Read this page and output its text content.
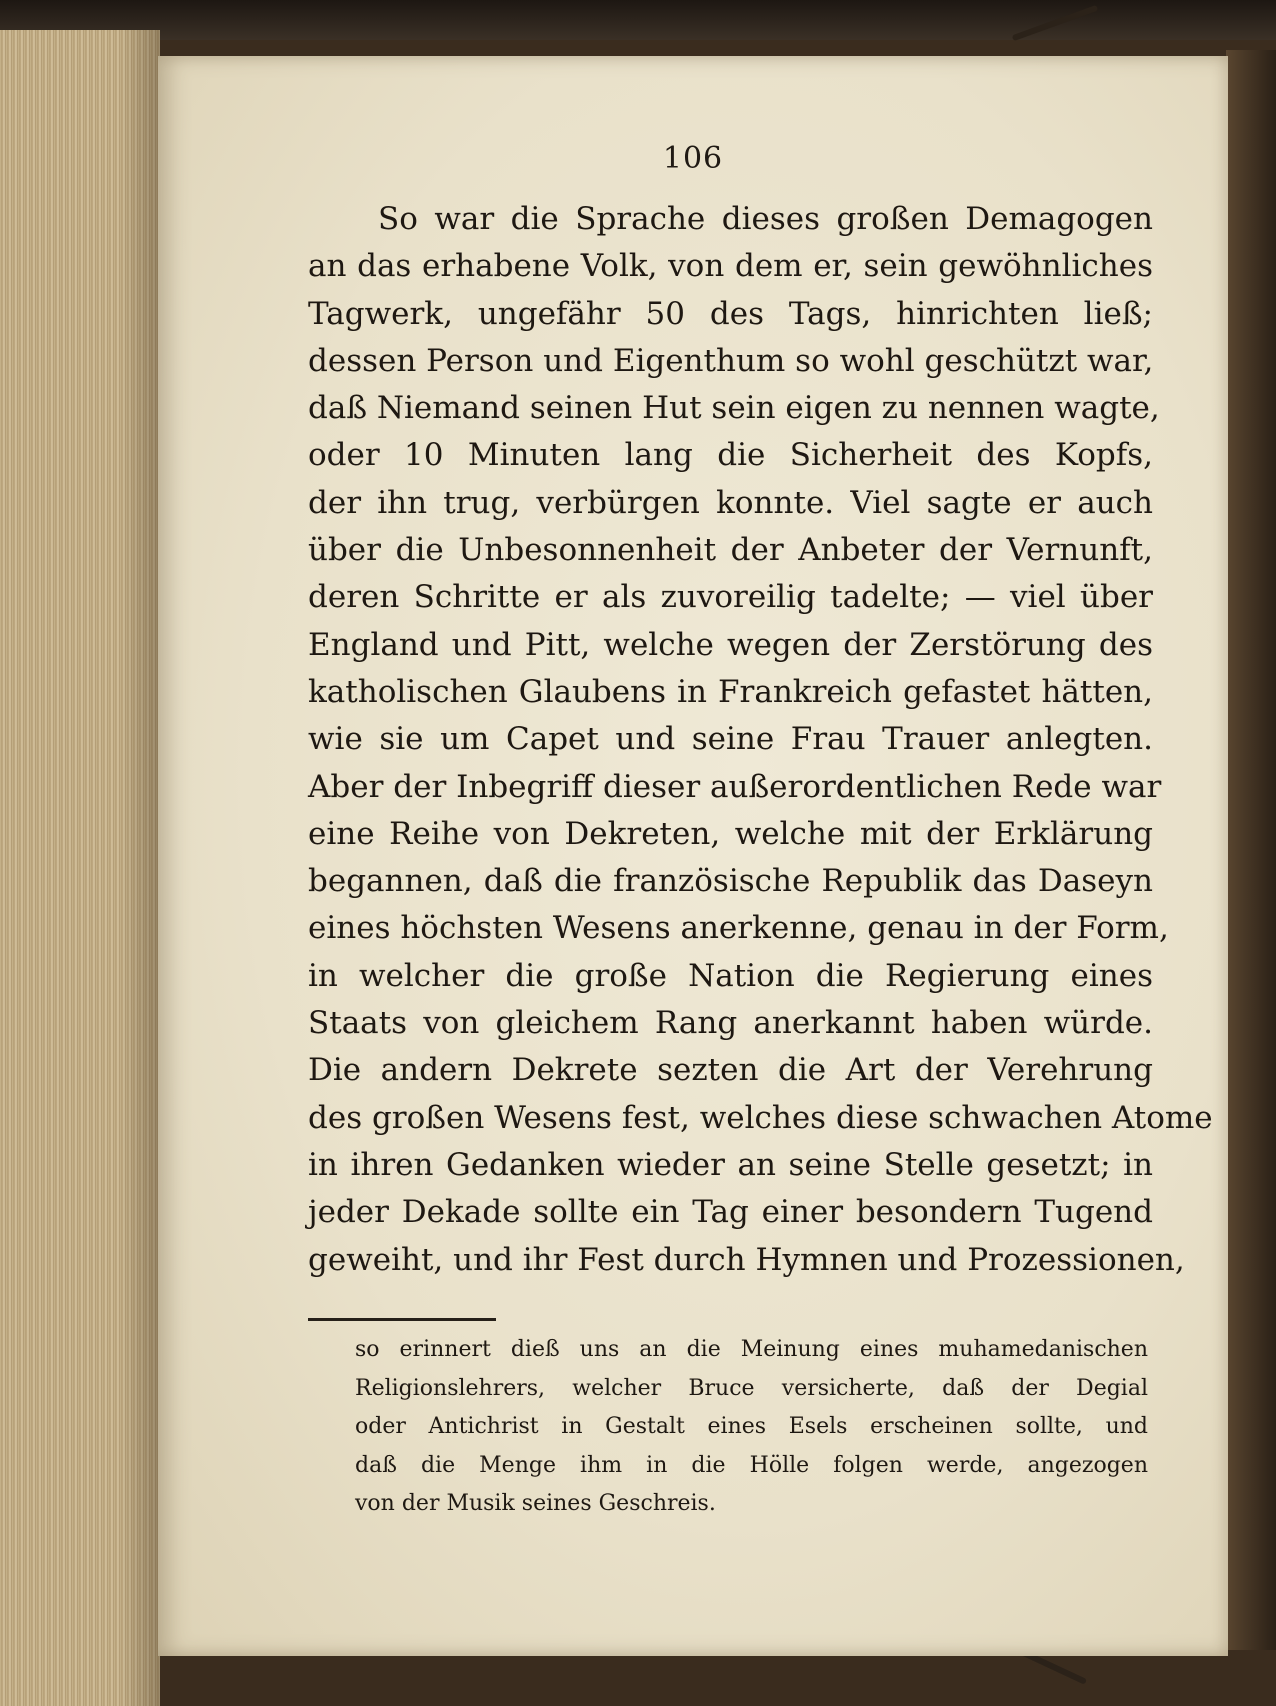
106
So war die Sprache dieses großen Demagogen
an das erhabene Volk, von dem er, sein gewöhnliches
Tagwerk, ungefähr 50 des Tags, hinrichten ließ;
dessen Person und Eigenthum so wohl geschützt war,
daß Niemand seinen Hut sein eigen zu nennen wagte,
oder 10 Minuten lang die Sicherheit des Kopfs,
der ihn trug, verbürgen konnte. Viel sagte er auch
über die Unbesonnenheit der Anbeter der Vernunft,
deren Schritte er als zuvoreilig tadelte; — viel über
England und Pitt, welche wegen der Zerstörung des
katholischen Glaubens in Frankreich gefastet hätten,
wie sie um Capet und seine Frau Trauer anlegten.
Aber der Inbegriff dieser außerordentlichen Rede war
eine Reihe von Dekreten, welche mit der Erklärung
begannen, daß die französische Republik das Daseyn
eines höchsten Wesens anerkenne, genau in der Form,
in welcher die große Nation die Regierung eines
Staats von gleichem Rang anerkannt haben würde.
Die andern Dekrete sezten die Art der Verehrung
des großen Wesens fest, welches diese schwachen Atome
in ihren Gedanken wieder an seine Stelle gesetzt; in
jeder Dekade sollte ein Tag einer besondern Tugend
geweiht, und ihr Fest durch Hymnen und Prozessionen,
so erinnert dieß uns an die Meinung eines muhamedanischen
Religionslehrers, welcher Bruce versicherte, daß der Degial
oder Antichrist in Gestalt eines Esels erscheinen sollte, und
daß die Menge ihm in die Hölle folgen werde, angezogen
von der Musik seines Geschreis.
